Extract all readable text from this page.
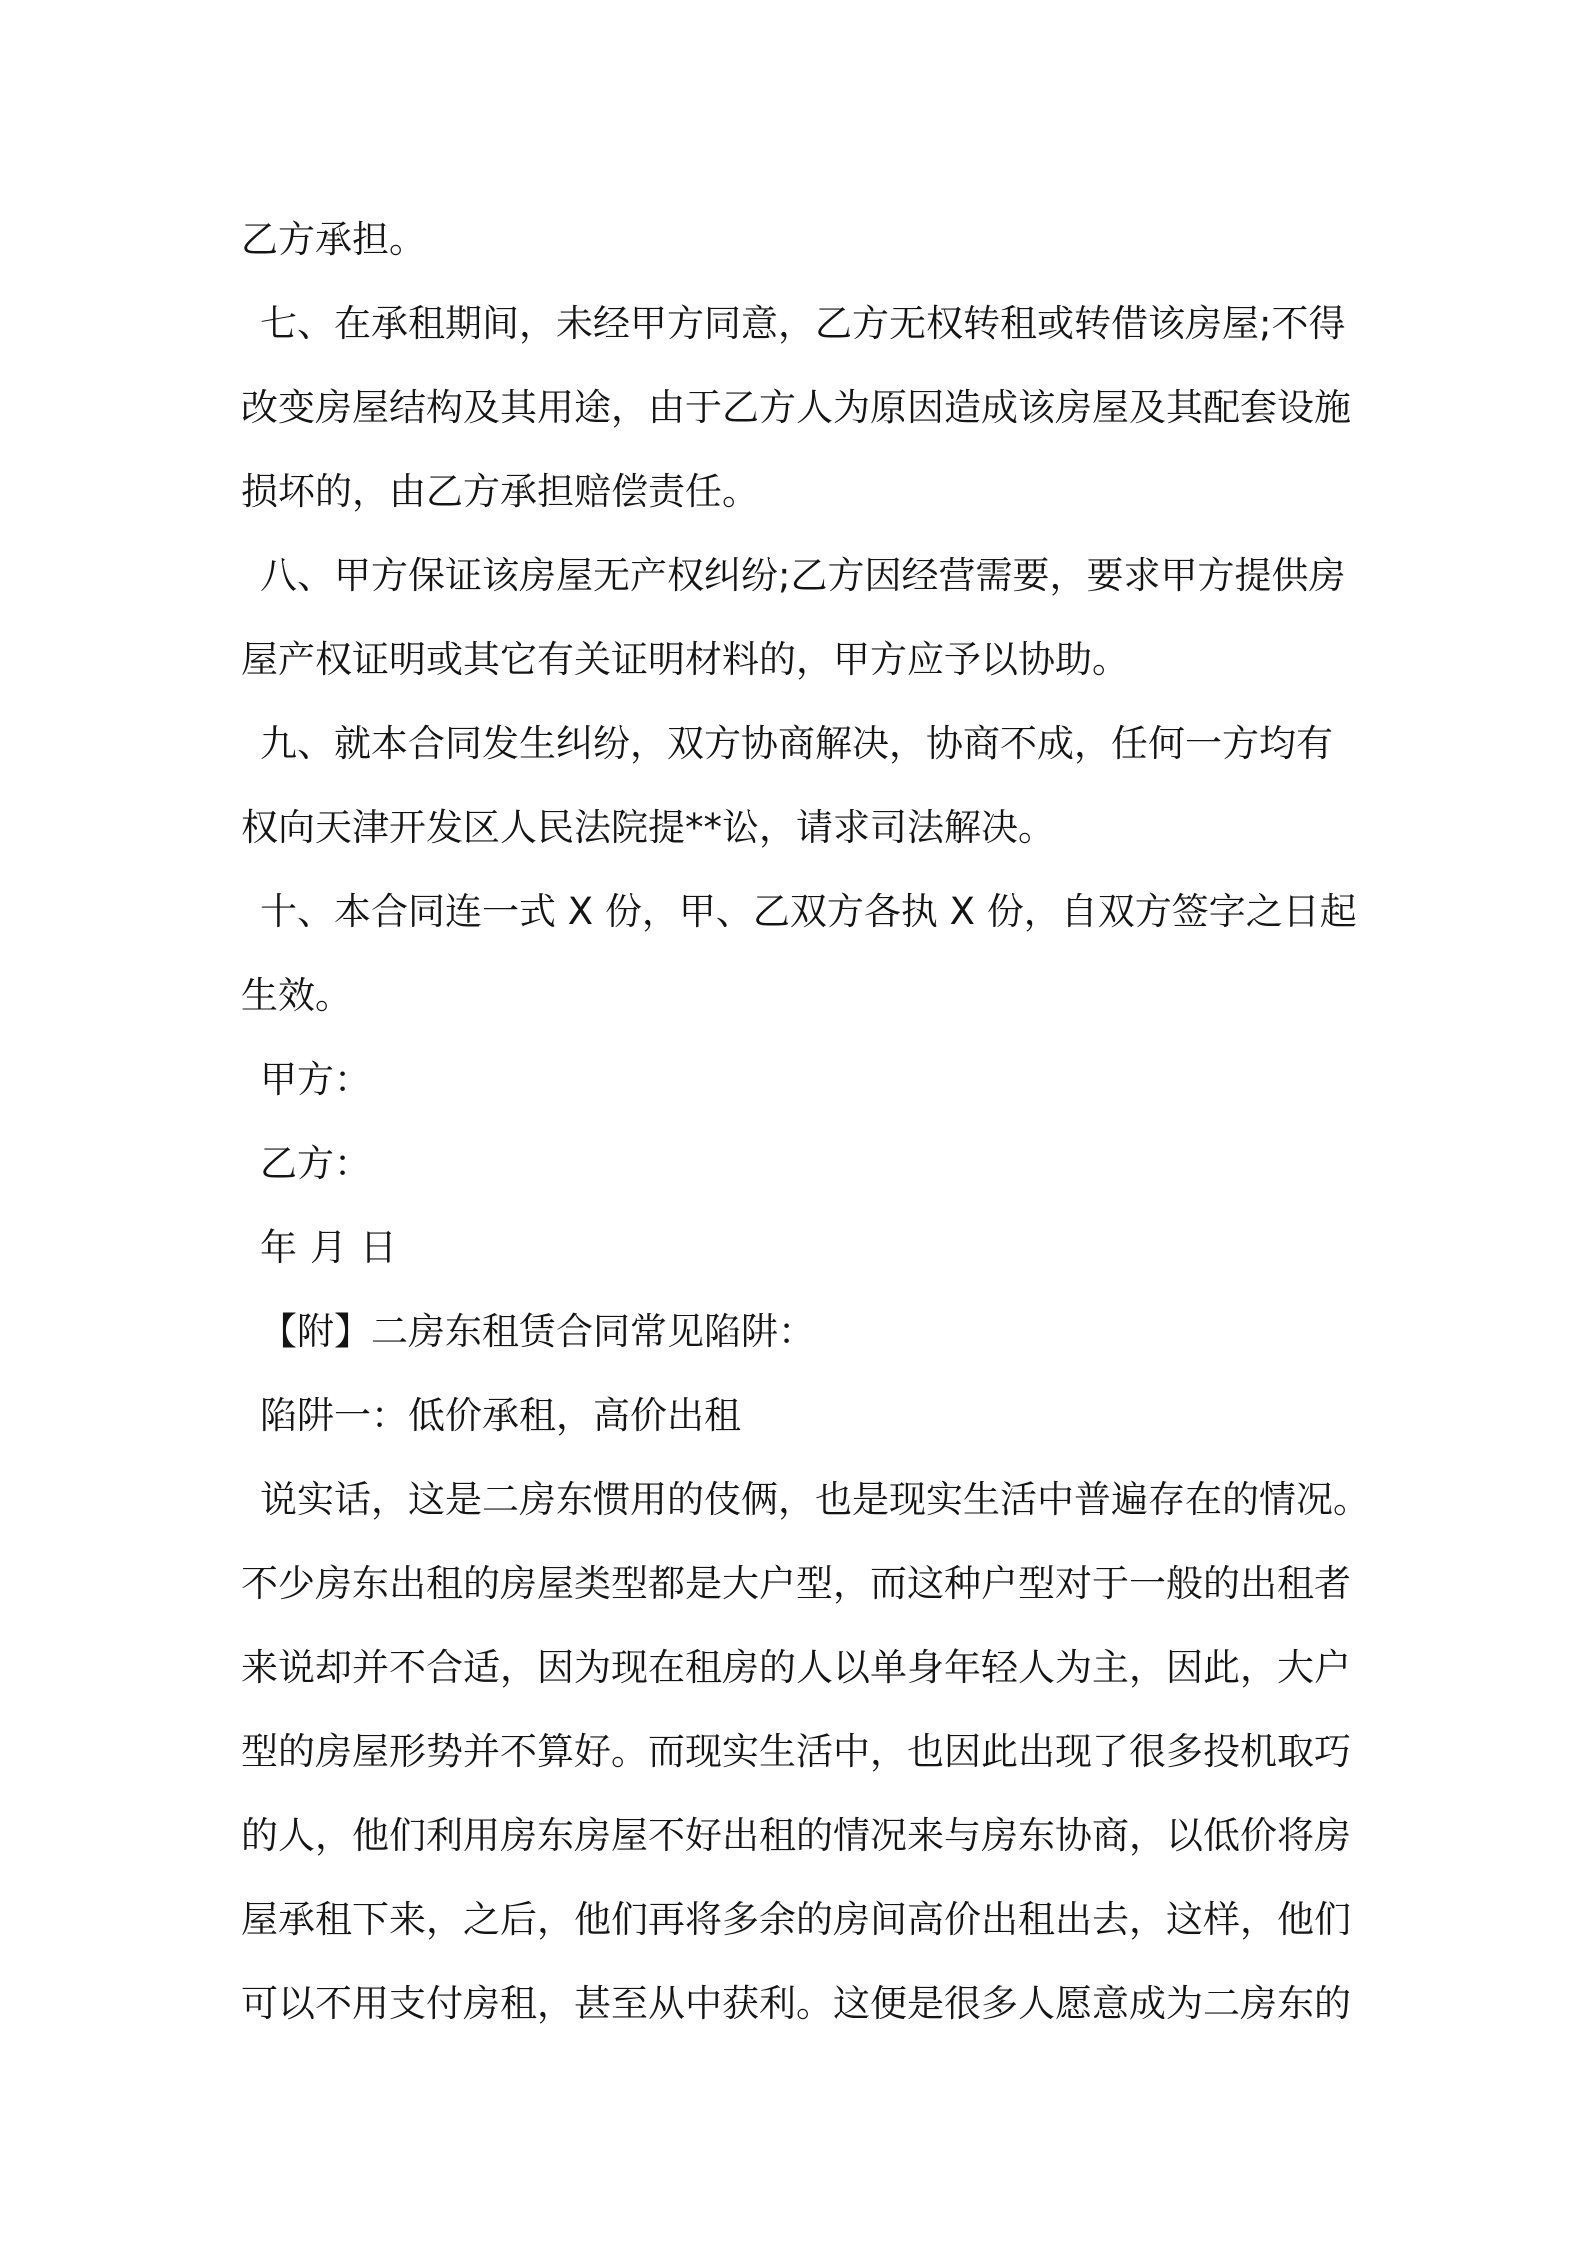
乙方承担。
七、在承租期间，未经甲方同意，乙方无权转租或转借该房屋;不得
改变房屋结构及其用途，由于乙方人为原因造成该房屋及其配套设施
损坏的，由乙方承担赔偿责任。
八、甲方保证该房屋无产权纠纷;乙方因经营需要，要求甲方提供房
屋产权证明或其它有关证明材料的，甲方应予以协助。
九、就本合同发生纠纷，双方协商解决，协商不成，任何一方均有
权向天津开发区人民法院提**讼，请求司法解决。
十、本合同连一式 X 份，甲、乙双方各执 X 份，自双方签字之日起
生效。
甲方：
乙方：
年 月 日
【附】二房东租赁合同常见陷阱：
陷阱一：低价承租，高价出租
说实话，这是二房东惯用的伎俩，也是现实生活中普遍存在的情况。
不少房东出租的房屋类型都是大户型，而这种户型对于一般的出租者
来说却并不合适，因为现在租房的人以单身年轻人为主，因此，大户
型的房屋形势并不算好。而现实生活中，也因此出现了很多投机取巧
的人，他们利用房东房屋不好出租的情况来与房东协商，以低价将房
屋承租下来，之后，他们再将多余的房间高价出租出去，这样，他们
可以不用支付房租，甚至从中获利。这便是很多人愿意成为二房东的
